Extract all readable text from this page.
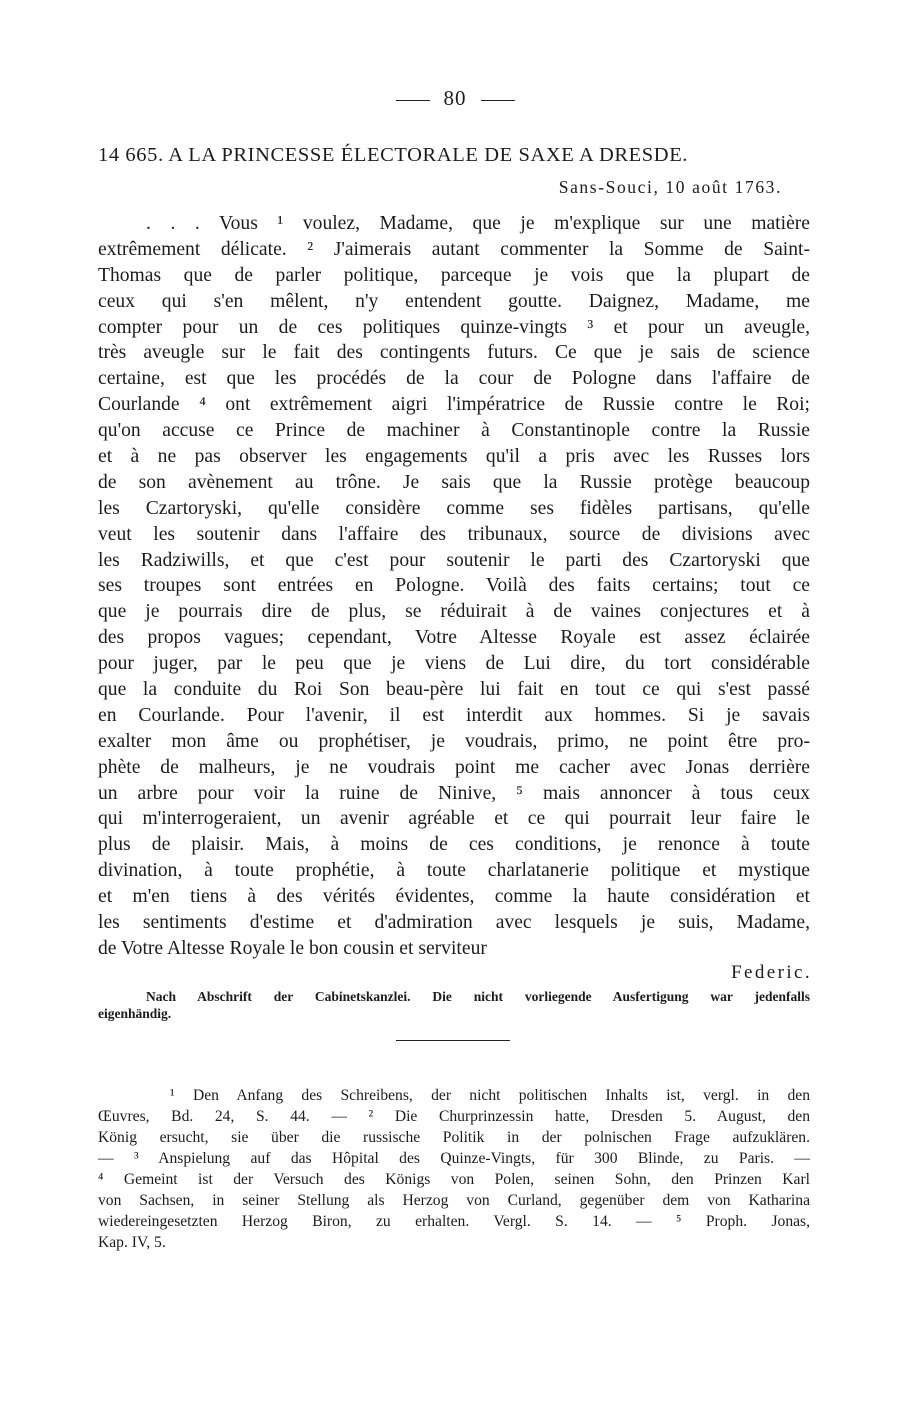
80
14 665. A LA PRINCESSE ÉLECTORALE DE SAXE A DRESDE.
Sans-Souci, 10 août 1763.
. . . Vous ¹ voulez, Madame, que je m'explique sur une matière
extrêmement délicate. ² J'aimerais autant commenter la Somme de Saint-
Thomas que de parler politique, parceque je vois que la plupart de
ceux qui s'en mêlent, n'y entendent goutte. Daignez, Madame, me
compter pour un de ces politiques quinze-vingts ³ et pour un aveugle,
très aveugle sur le fait des contingents futurs. Ce que je sais de science
certaine, est que les procédés de la cour de Pologne dans l'affaire de
Courlande ⁴ ont extrêmement aigri l'impératrice de Russie contre le Roi;
qu'on accuse ce Prince de machiner à Constantinople contre la Russie
et à ne pas observer les engagements qu'il a pris avec les Russes lors
de son avènement au trône. Je sais que la Russie protège beaucoup
les Czartoryski, qu'elle considère comme ses fidèles partisans, qu'elle
veut les soutenir dans l'affaire des tribunaux, source de divisions avec
les Radziwills, et que c'est pour soutenir le parti des Czartoryski que
ses troupes sont entrées en Pologne. Voilà des faits certains; tout ce
que je pourrais dire de plus, se réduirait à de vaines conjectures et à
des propos vagues; cependant, Votre Altesse Royale est assez éclairée
pour juger, par le peu que je viens de Lui dire, du tort considérable
que la conduite du Roi Son beau-père lui fait en tout ce qui s'est passé
en Courlande. Pour l'avenir, il est interdit aux hommes. Si je savais
exalter mon âme ou prophétiser, je voudrais, primo, ne point être pro-
phète de malheurs, je ne voudrais point me cacher avec Jonas derrière
un arbre pour voir la ruine de Ninive, ⁵ mais annoncer à tous ceux
qui m'interrogeraient, un avenir agréable et ce qui pourrait leur faire le
plus de plaisir. Mais, à moins de ces conditions, je renonce à toute
divination, à toute prophétie, à toute charlatanerie politique et mystique
et m'en tiens à des vérités évidentes, comme la haute considération et
les sentiments d'estime et d'admiration avec lesquels je suis, Madame,
de Votre Altesse Royale le bon cousin et serviteur
Federic.
Nach Abschrift der Cabinetskanzlei. Die nicht vorliegende Ausfertigung war jedenfalls
eigenhändig.
¹ Den Anfang des Schreibens, der nicht politischen Inhalts ist, vergl. in den
Œuvres, Bd. 24, S. 44. — ² Die Churprinzessin hatte, Dresden 5. August, den
König ersucht, sie über die russische Politik in der polnischen Frage aufzuklären.
— ³ Anspielung auf das Hôpital des Quinze-Vingts, für 300 Blinde, zu Paris. —
⁴ Gemeint ist der Versuch des Königs von Polen, seinen Sohn, den Prinzen Karl
von Sachsen, in seiner Stellung als Herzog von Curland, gegenüber dem von Katharina
wiedereingesetzten Herzog Biron, zu erhalten. Vergl. S. 14. — ⁵ Proph. Jonas,
Kap. IV, 5.
